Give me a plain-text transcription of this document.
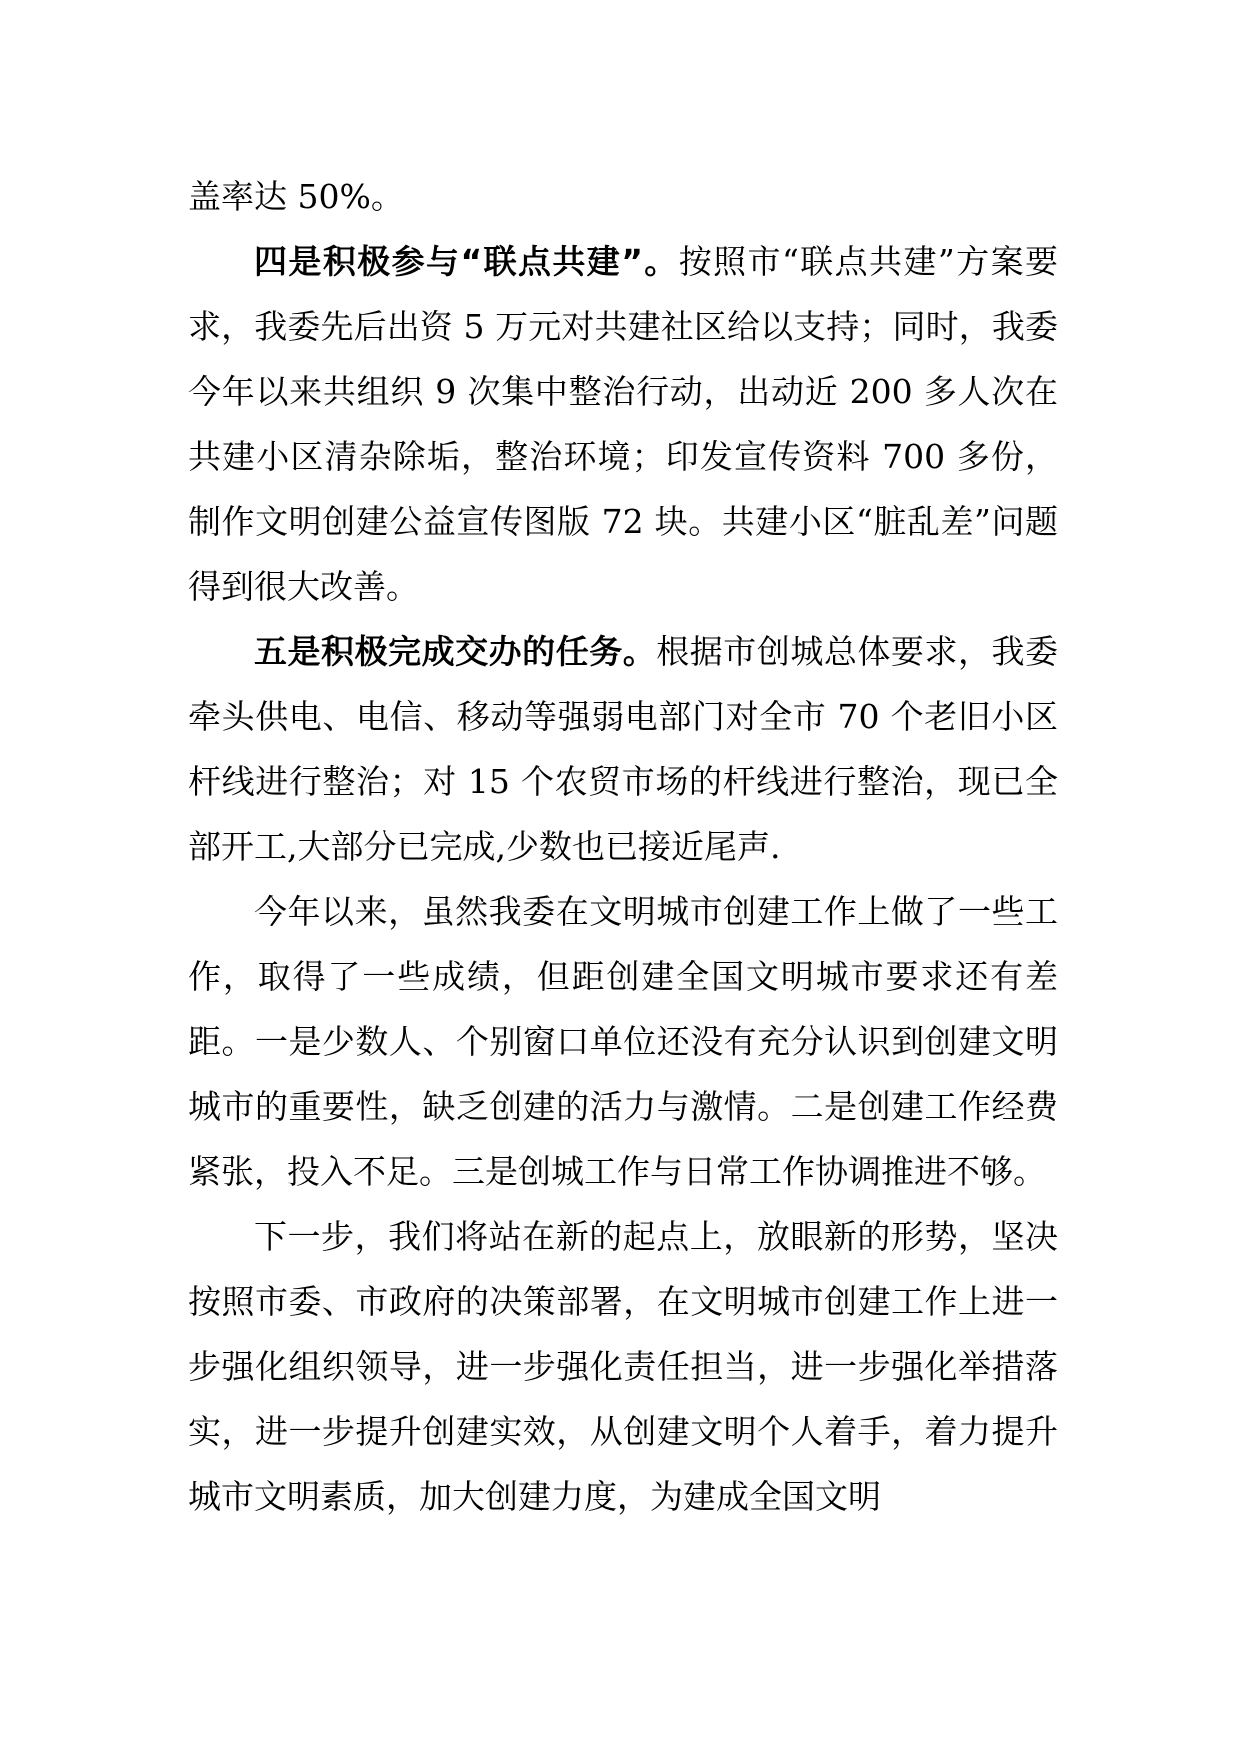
盖率达 50%。

四是积极参与“联点共建”。按照市“联点共建”方案要求，我委先后出资 5 万元对共建社区给以支持；同时，我委今年以来共组织 9 次集中整治行动，出动近 200 多人次在共建小区清杂除垢，整治环境；印发宣传资料 700 多份，制作文明创建公益宣传图版 72 块。共建小区“脏乱差”问题得到很大改善。

五是积极完成交办的任务。根据市创城总体要求，我委牵头供电、电信、移动等强弱电部门对全市 70 个老旧小区杆线进行整治；对 15 个农贸市场的杆线进行整治，现已全部开工,大部分已完成,少数也已接近尾声.

今年以来，虽然我委在文明城市创建工作上做了一些工作，取得了一些成绩，但距创建全国文明城市要求还有差距。一是少数人、个别窗口单位还没有充分认识到创建文明城市的重要性，缺乏创建的活力与激情。二是创建工作经费紧张，投入不足。三是创城工作与日常工作协调推进不够。

下一步，我们将站在新的起点上，放眼新的形势，坚决按照市委、市政府的决策部署，在文明城市创建工作上进一步强化组织领导，进一步强化责任担当，进一步强化举措落实，进一步提升创建实效，从创建文明个人着手，着力提升城市文明素质，加大创建力度，为建成全国文明
